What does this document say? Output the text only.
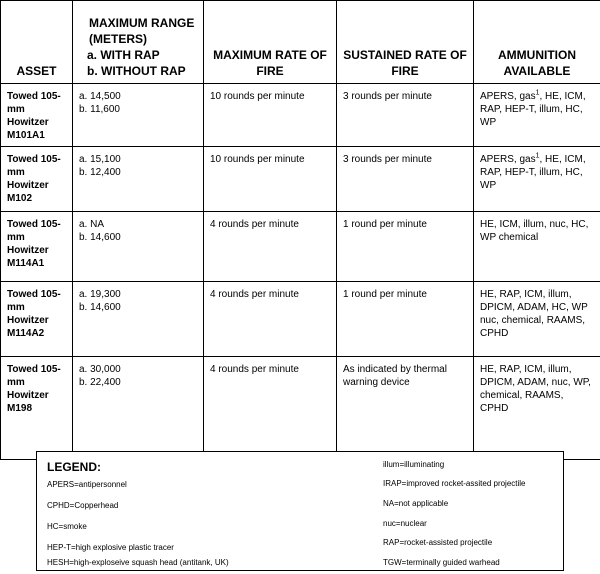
ASSET	MAXIMUM RANGE (METERS)
a. WITH RAP
b. WITHOUT RAP	MAXIMUM RATE OF FIRE	SUSTAINED RATE OF FIRE	AMMUNITION AVAILABLE
Towed 105-mm Howitzer M101A1	a. 14,500
b. 11,600	10 rounds per minute	3 rounds per minute	APERS, gas$^1$, HE, ICM, RAP, HEP-T, illum, HC, WP
Towed 105-mm Howitzer M102	a. 15,100
b. 12,400	10 rounds per minute	3 rounds per minute	APERS, gas$^1$, HE, ICM, RAP, HEP-T, illum, HC, WP
Towed 105-mm Howitzer M114A1	a. NA
b. 14,600	4 rounds per minute	1 round per minute	HE, ICM, illum, nuc, HC, WP chemical
Towed 105-mm Howitzer M114A2	a. 19,300
b. 14,600	4 rounds per minute	1 round per minute	HE, RAP, ICM, illum, DPICM, ADAM, HC, WP nuc, chemical, RAAMS, CPHD
Towed 105-mm Howitzer M198	a. 30,000
b. 22,400	4 rounds per minute	As indicated by thermal warning device	HE, RAP, ICM, illum, DPICM, ADAM, nuc, WP, chemical, RAAMS, CPHD
LEGEND:
APERS=antipersonnel
CPHD=Copperhead
HC=smoke
HEP-T=high explosive plastic tracer
HESH=high-exploseive squash head (antitank, UK)
illum=illuminating
IRAP=improved rocket-assited projectile
NA=not applicable
nuc=nuclear
RAP=rocket-assisted projectile
TGW=terminally guided warhead
